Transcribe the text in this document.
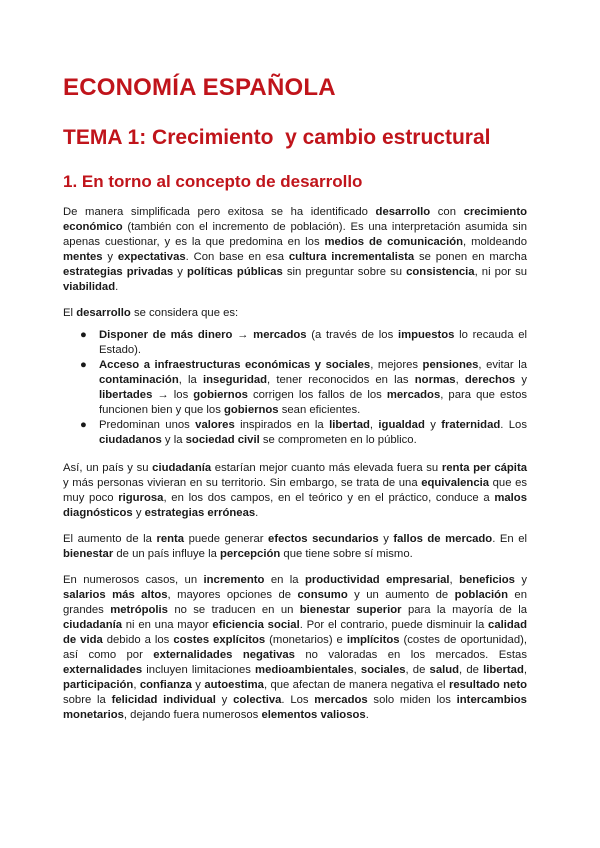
ECONOMÍA ESPAÑOLA
TEMA 1: Crecimiento  y cambio estructural
1. En torno al concepto de desarrollo

De manera simplificada pero exitosa se ha identificado desarrollo con crecimiento económico (también con el incremento de población). Es una interpretación asumida sin apenas cuestionar, y es la que predomina en los medios de comunicación, moldeando mentes y expectativas. Con base en esa cultura incrementalista se ponen en marcha estrategias privadas y políticas públicas sin preguntar sobre su consistencia, ni por su viabilidad.

El desarrollo se considera que es:

● Disponer de más dinero → mercados (a través de los impuestos lo recauda el Estado).
● Acceso a infraestructuras económicas y sociales, mejores pensiones, evitar la contaminación, la inseguridad, tener reconocidos en las normas, derechos y libertades → los gobiernos corrigen los fallos de los mercados, para que estos funcionen bien y que los gobiernos sean eficientes.
● Predominan unos valores inspirados en la libertad, igualdad y fraternidad. Los ciudadanos y la sociedad civil se comprometen en lo público.

Así, un país y su ciudadanía estarían mejor cuanto más elevada fuera su renta per cápita y más personas vivieran en su territorio. Sin embargo, se trata de una equivalencia que es muy poco rigurosa, en los dos campos, en el teórico y en el práctico, conduce a malos diagnósticos y estrategias erróneas.

El aumento de la renta puede generar efectos secundarios y fallos de mercado. En el bienestar de un país influye la percepción que tiene sobre sí mismo.

En numerosos casos, un incremento en la productividad empresarial, beneficios y salarios más altos, mayores opciones de consumo y un aumento de población en grandes metrópolis no se traducen en un bienestar superior para la mayoría de la ciudadanía ni en una mayor eficiencia social. Por el contrario, puede disminuir la calidad de vida debido a los costes explícitos (monetarios) e implícitos (costes de oportunidad), así como por externalidades negativas no valoradas en los mercados. Estas externalidades incluyen limitaciones medioambientales, sociales, de salud, de libertad, participación, confianza y autoestima, que afectan de manera negativa el resultado neto sobre la felicidad individual y colectiva. Los mercados solo miden los intercambios monetarios, dejando fuera numerosos elementos valiosos.
